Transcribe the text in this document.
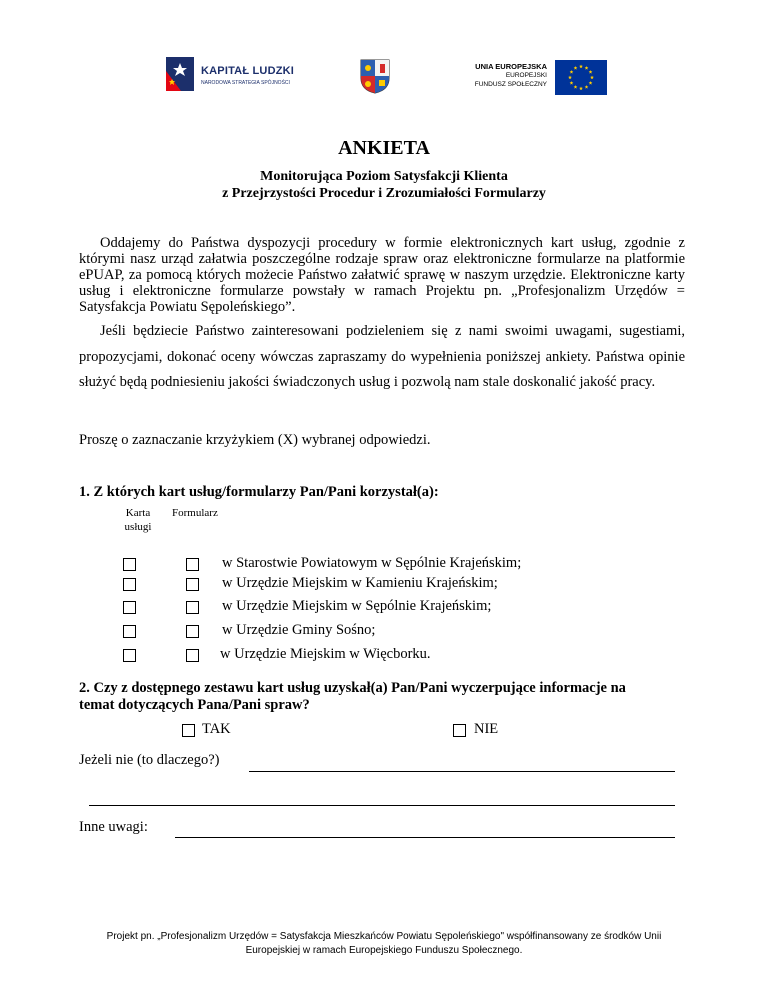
KAPITAŁ LUDZKI
NARODOWA STRATEGIA SPÓJNOŚCI
UNIA EUROPEJSKA
EUROPEJSKI
FUNDUSZ SPOŁECZNY
ANKIETA
Monitorująca Poziom Satysfakcji Klienta
z Przejrzystości Procedur i Zrozumiałości Formularzy
Oddajemy do Państwa dyspozycji procedury w formie elektronicznych kart usług, zgodnie z którymi nasz urząd załatwia poszczególne rodzaje spraw oraz elektroniczne formularze na platformie ePUAP, za pomocą których możecie Państwo załatwić sprawę w naszym urzędzie. Elektroniczne karty usług i elektroniczne formularze powstały w ramach Projektu pn. „Profesjonalizm Urzędów = Satysfakcja Powiatu Sępoleńskiego”.
Jeśli będziecie Państwo zainteresowani podzieleniem się z nami swoimi uwagami, sugestiami, propozycjami, dokonać oceny wówczas zapraszamy do wypełnienia poniższej ankiety. Państwa opinie służyć będą podniesieniu jakości świadczonych usług i pozwolą nam stale doskonalić jakość pracy.
Proszę o zaznaczanie krzyżykiem (X) wybranej odpowiedzi.
1. Z których kart usług/formularzy Pan/Pani korzystał(a):
Karta
usługi
Formularz
w Starostwie Powiatowym w Sępólnie Krajeńskim;
w Urzędzie Miejskim w Kamieniu Krajeńskim;
w Urzędzie Miejskim w Sępólnie Krajeńskim;
w Urzędzie Gminy Sośno;
w Urzędzie Miejskim w Więcborku.
2. Czy z dostępnego zestawu kart usług uzyskał(a) Pan/Pani wyczerpujące informacje na
temat dotyczących Pana/Pani spraw?
TAK	NIE
Jeżeli nie (to dlaczego?)
Inne uwagi:
Projekt pn. „Profesjonalizm Urzędów = Satysfakcja Mieszkańców Powiatu Sępoleńskiego" współfinansowany ze środków Unii
Europejskiej w ramach Europejskiego Funduszu Społecznego.
